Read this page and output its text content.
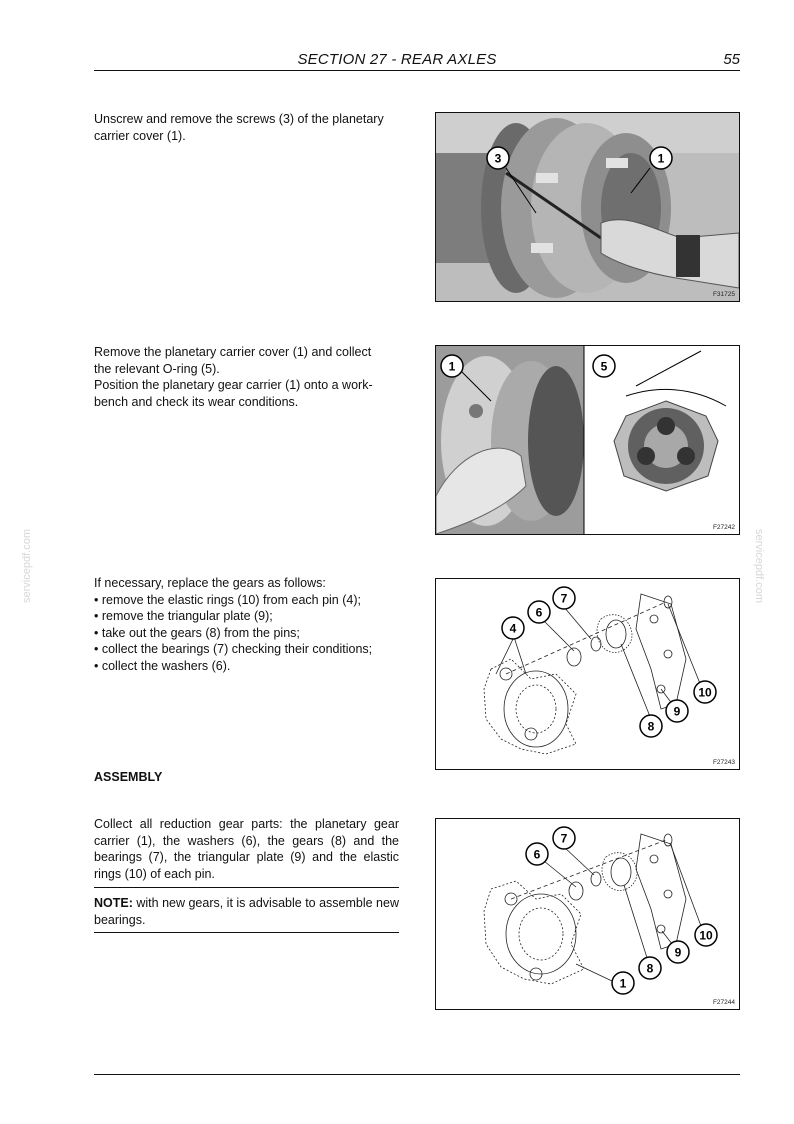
SECTION 27 - REAR AXLES	55
servicepdf.com	servicepdf.com

Unscrew and remove the screws (3) of the planetary

carrier cover (1).

3	1
F31725

Remove the planetary carrier cover (1) and collect

the relevant O-ring (5).

Position the planetary gear carrier (1) onto a work-

bench and check its wear conditions.

1	5
F27242

If necessary, replace the gears as follows:

• remove the elastic rings (10) from each pin (4);

• remove the triangular plate (9);

• take out the gears (8) from the pins;

• collect the bearings (7) checking their conditions;

• collect the washers (6).

7
6
4
10
9
8
F27243
ASSEMBLY

Collect all reduction gear parts: the planetary gear carrier (1), the washers (6), the gears (8) and the bearings (7), the triangular plate (9) and the elastic rings (10) of each pin.

NOTE: with new gears, it is advisable to assemble new bearings.

7
6
10
9
8
1
F27244
